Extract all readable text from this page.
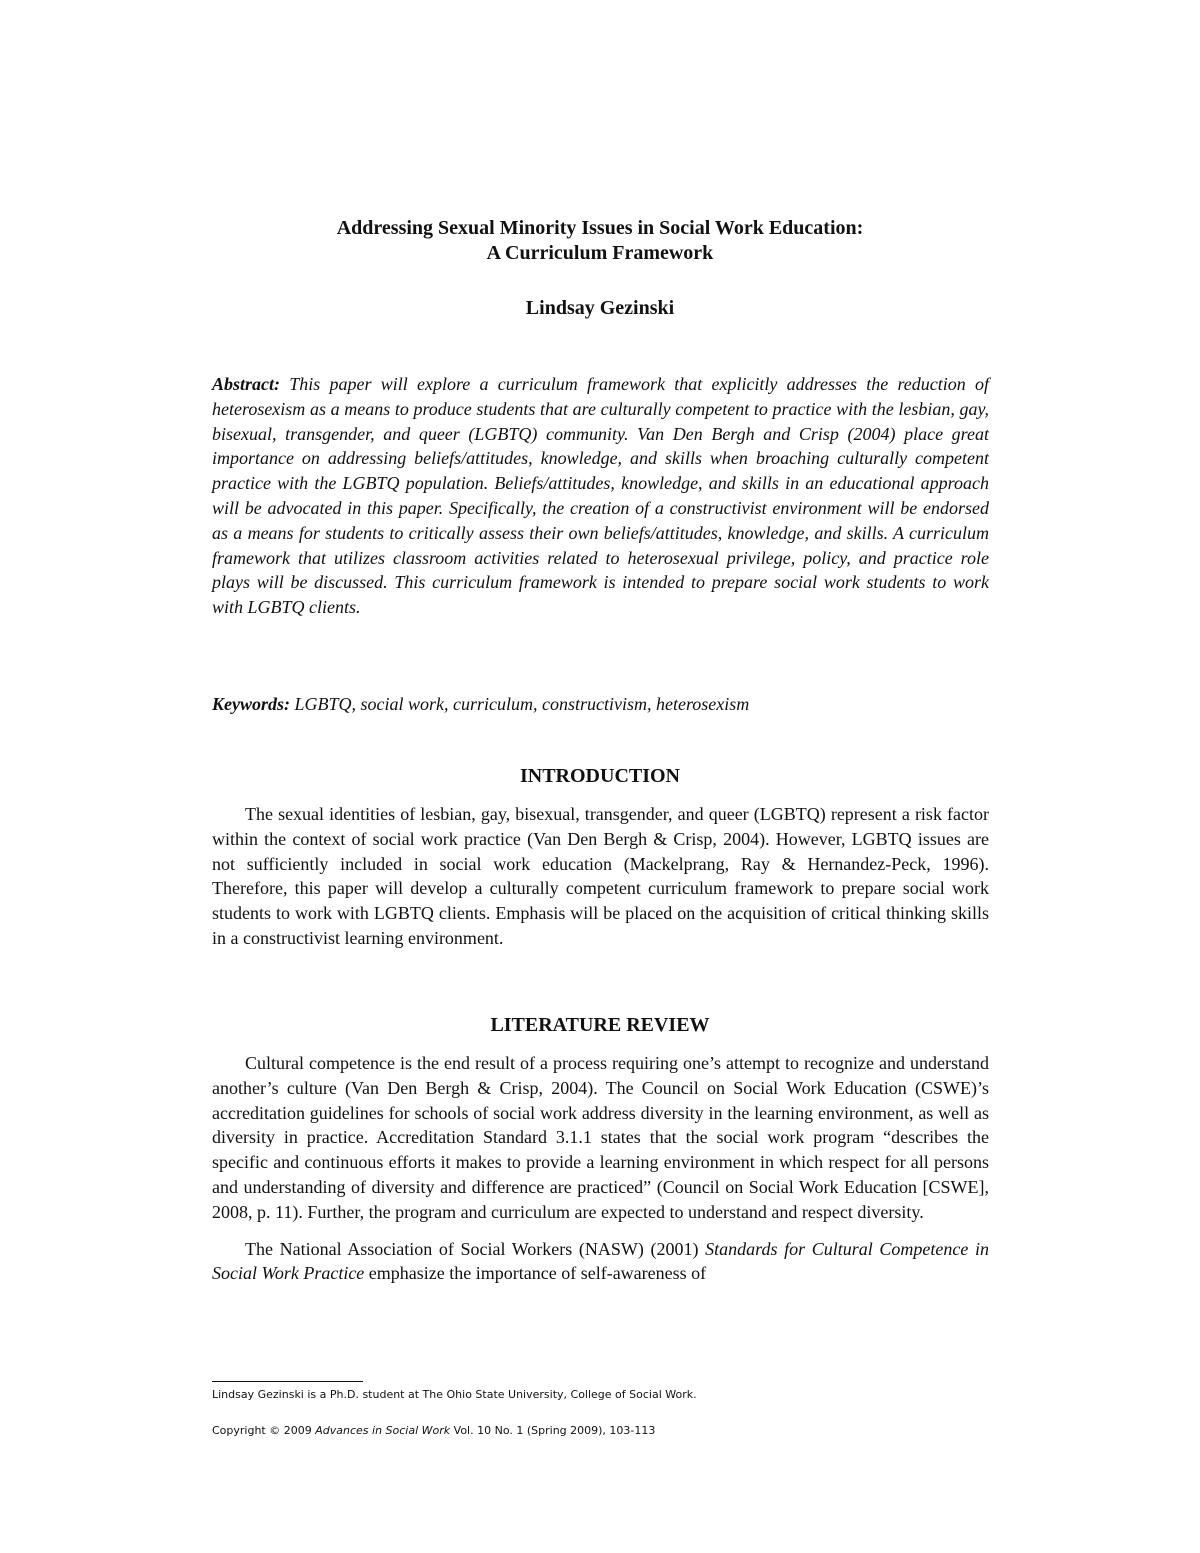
Addressing Sexual Minority Issues in Social Work Education:
A Curriculum Framework
Lindsay Gezinski
Abstract: This paper will explore a curriculum framework that explicitly addresses the reduction of heterosexism as a means to produce students that are culturally competent to practice with the lesbian, gay, bisexual, transgender, and queer (LGBTQ) community. Van Den Bergh and Crisp (2004) place great importance on addressing beliefs/attitudes, knowledge, and skills when broaching culturally competent practice with the LGBTQ population. Beliefs/attitudes, knowledge, and skills in an educational approach will be advocated in this paper. Specifically, the creation of a constructivist environment will be endorsed as a means for students to critically assess their own beliefs/attitudes, knowledge, and skills. A curriculum framework that utilizes classroom activities related to heterosexual privilege, policy, and practice role plays will be discussed. This curriculum framework is intended to prepare social work students to work with LGBTQ clients.
Keywords: LGBTQ, social work, curriculum, constructivism, heterosexism
INTRODUCTION

The sexual identities of lesbian, gay, bisexual, transgender, and queer (LGBTQ) represent a risk factor within the context of social work practice (Van Den Bergh & Crisp, 2004). However, LGBTQ issues are not sufficiently included in social work education (Mackelprang, Ray & Hernandez-Peck, 1996). Therefore, this paper will develop a culturally competent curriculum framework to prepare social work students to work with LGBTQ clients. Emphasis will be placed on the acquisition of critical thinking skills in a constructivist learning environment.

LITERATURE REVIEW

Cultural competence is the end result of a process requiring one’s attempt to recognize and understand another’s culture (Van Den Bergh & Crisp, 2004). The Council on Social Work Education (CSWE)’s accreditation guidelines for schools of social work address diversity in the learning environment, as well as diversity in practice. Accreditation Standard 3.1.1 states that the social work program “describes the specific and continuous efforts it makes to provide a learning environment in which respect for all persons and understanding of diversity and difference are practiced” (Council on Social Work Education [CSWE], 2008, p. 11). Further, the program and curriculum are expected to understand and respect diversity.

The National Association of Social Workers (NASW) (2001) Standards for Cultural Competence in Social Work Practice emphasize the importance of self-awareness of

Lindsay Gezinski is a Ph.D. student at The Ohio State University, College of Social Work.
Copyright © 2009 Advances in Social Work Vol. 10 No. 1 (Spring 2009), 103-113
